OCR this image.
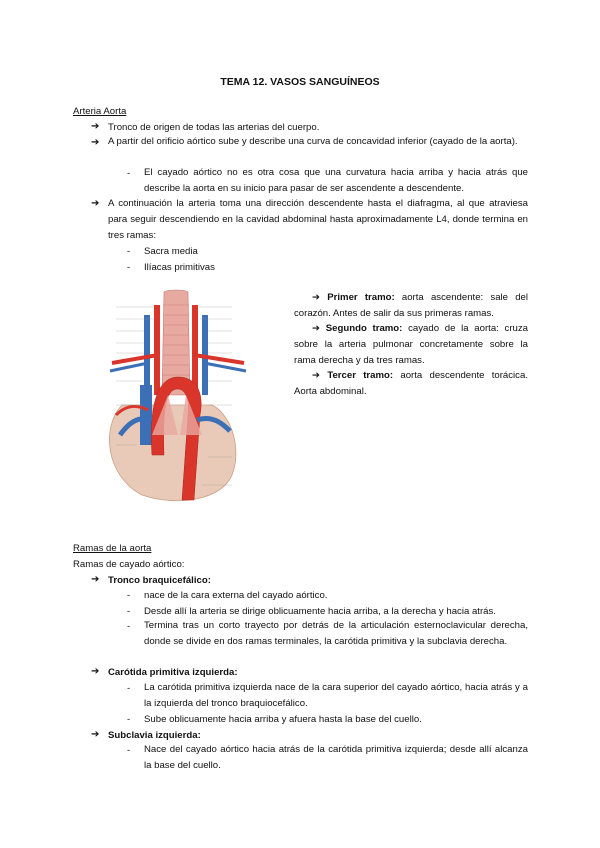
TEMA 12. VASOS SANGUÍNEOS
Arteria Aorta
➔ Tronco de origen de todas las arterias del cuerpo.
➔ A partir del orificio aórtico sube y describe una curva de concavidad inferior (cayado de la aorta).
- El cayado aórtico no es otra cosa que una curvatura hacia arriba y hacia atrás que describe la aorta en su inicio para pasar de ser ascendente a descendente.
➔ A continuación la arteria toma una dirección descendente hasta el diafragma, al que atraviesa para seguir descendiendo en la cavidad abdominal hasta aproximadamente L4, donde termina en tres ramas:
- Sacra media
- Ilíacas primitivas
➔ Primer tramo: aorta ascendente: sale del corazón. Antes de salir da sus primeras ramas.
➔ Segundo tramo: cayado de la aorta: cruza sobre la arteria pulmonar concretamente sobre la rama derecha y da tres ramas.
➔ Tercer tramo: aorta descendente torácica. Aorta abdominal.
Ramas de la aorta
Ramas de cayado aórtico:
➔ Tronco braquicefálico:
- nace de la cara externa del cayado aórtico.
- Desde allí la arteria se dirige oblicuamente hacia arriba, a la derecha y hacia atrás.
- Termina tras un corto trayecto por detrás de la articulación esternoclavicular derecha, donde se divide en dos ramas terminales, la carótida primitiva y la subclavia derecha.
➔ Carótida primitiva izquierda:
- La carótida primitiva izquierda nace de la cara superior del cayado aórtico, hacia atrás y a la izquierda del tronco braquiocefálico.
- Sube oblicuamente hacia arriba y afuera hasta la base del cuello.
➔ Subclavia izquierda:
- Nace del cayado aórtico hacia atrás de la carótida primitiva izquierda; desde allí alcanza la base del cuello.
